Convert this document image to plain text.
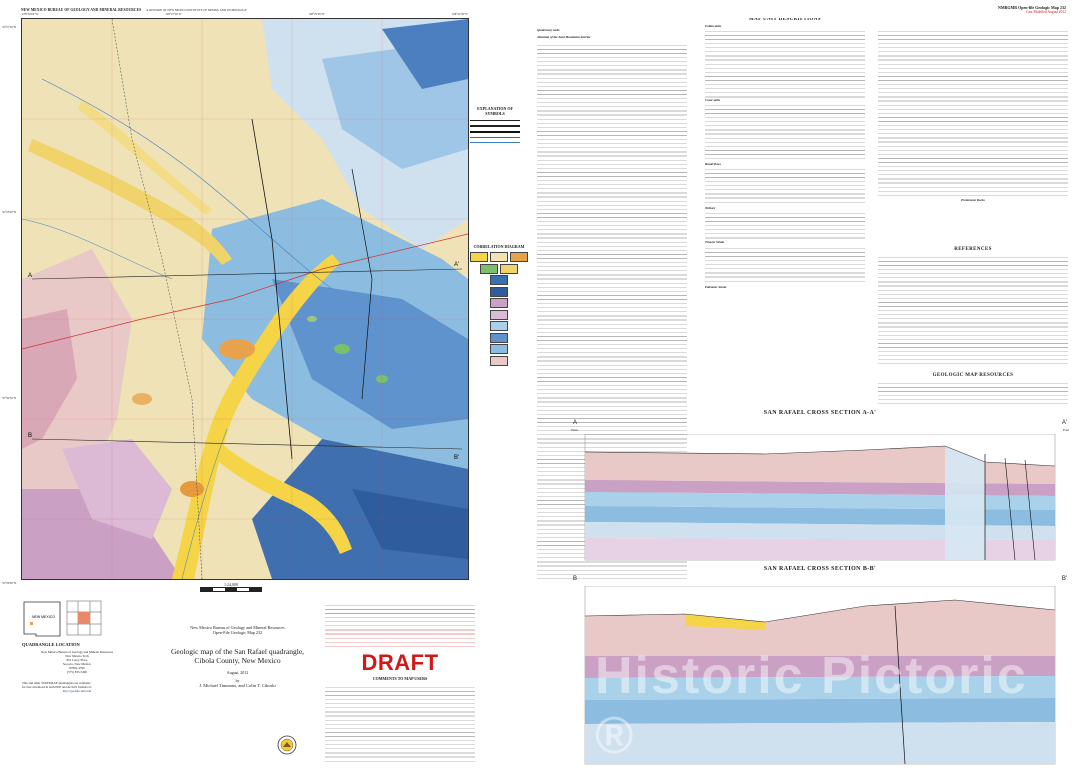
NEW MEXICO BUREAU OF GEOLOGY AND MINERAL RESOURCES A DIVISION OF NEW MEXICO INSTITUTE OF MINING AND TECHNOLOGY
NMBGMR Open-file Geologic Map 232
Last Modified August 2012
A
A'
B
B'
108°30'00"W	108°27'30"W	108°25'00"W	108°22'30"W
35°07'30"N
35°05'00"N
35°02'30"N
35°00'00"N	1:24,000
EXPLANATION OF SYMBOLS
CORRELATION DIAGRAM
Quaternary units
Alluvium of the Zuni Mountains interior
MAP UNIT DESCRIPTIONS
Eolian units
Cover units
Basalt flows
Tertiary
Triassic Strata
Paleozoic Strata
Proterozoic Rocks
REFERENCES
GEOLOGIC MAP RESOURCES
SAN RAFAEL CROSS SECTION A-A'
A	A'
West	East
SAN RAFAEL CROSS SECTION B-B'
B	B'
Historic Pictoric ®
NEW MEXICO
QUADRANGLE LOCATION
New Mexico Bureau of Geology and Mineral Resources
New Mexico Tech
801 Leroy Place
Socorro, New Mexico
87801-4796
(575) 835-5490
This and other STATEMAP quadrangles are available
for free download in both PDF and ArcGIS formats at:
http://geoinfo.nmt.edu
New Mexico Bureau of Geology and Mineral Resources
Open-File Geologic Map 232
Geologic map of the San Rafael quadrangle,
Cibola County, New Mexico
August, 2012
by
J. Michael Timmons, and Colin T. Cikoski
DRAFT
COMMENTS TO MAP USERS
